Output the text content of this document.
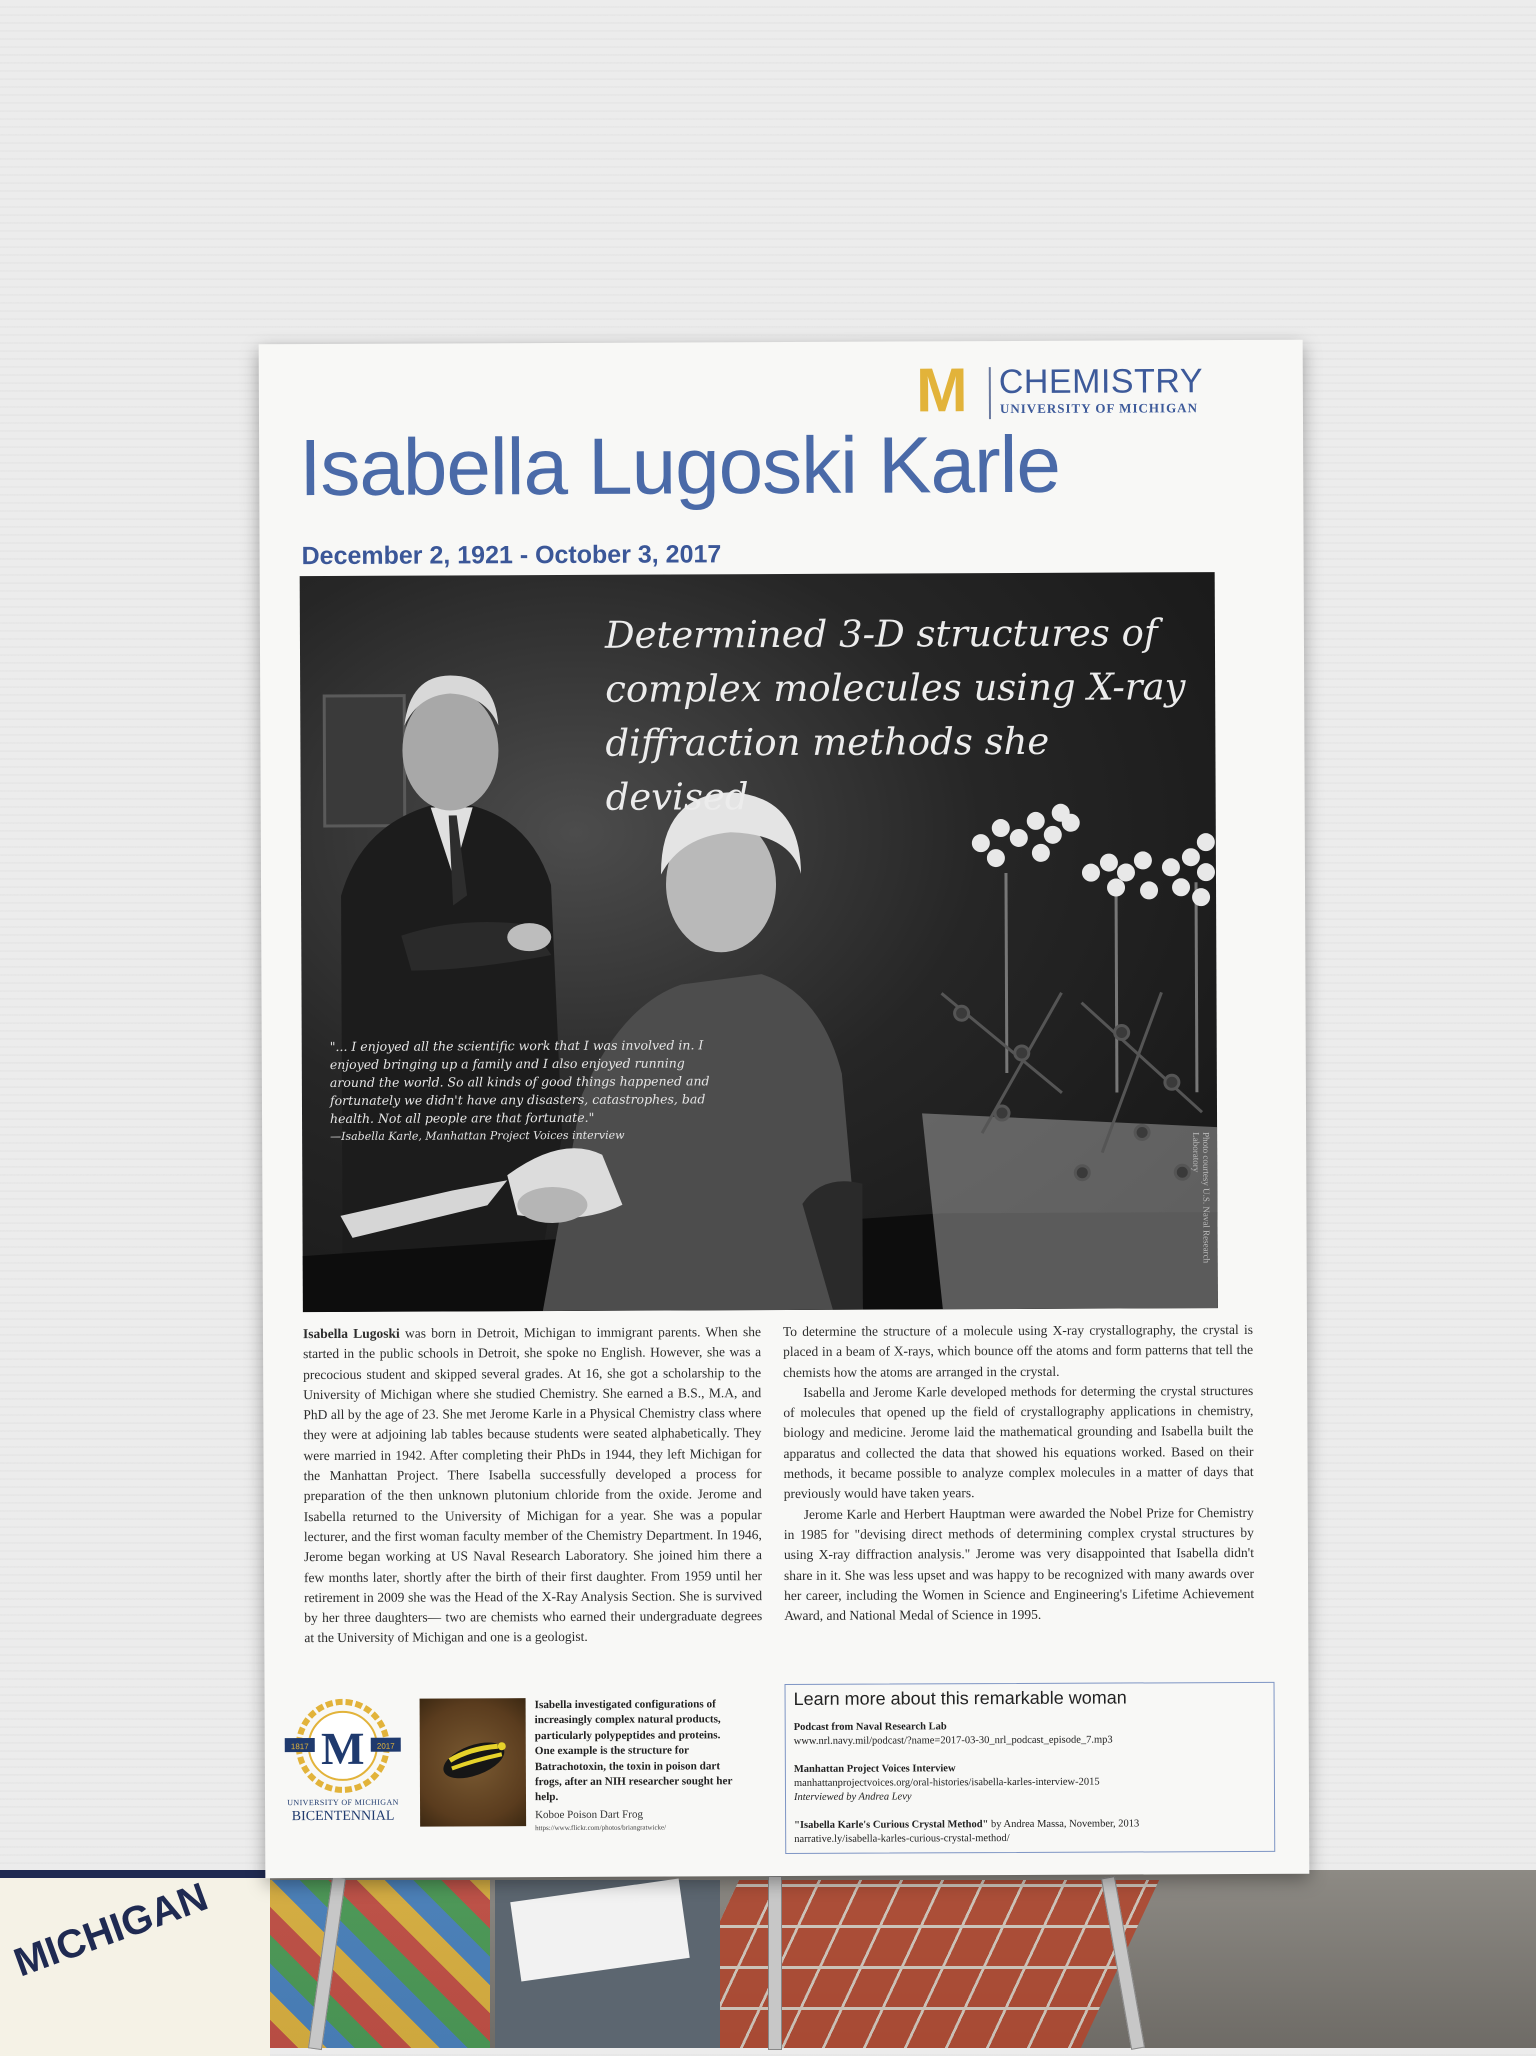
MICHIGAN
M CHEMISTRY
UNIVERSITY OF MICHIGAN
Isabella Lugoski Karle
December 2, 1921 - October 3, 2017
Determined 3-D structures of
complex molecules using X-ray
diffraction methods she devised
"... I enjoyed all the scientific work that I was involved in. I enjoyed bringing up a family and I also enjoyed running around the world. So all kinds of good things happened and fortunately we didn't have any disasters, catastrophes, bad health. Not all people are that fortunate."
—Isabella Karle, Manhattan Project Voices interview	Photo courtesy U.S. Naval Research Laboratory

Isabella Lugoski was born in Detroit, Michigan to immigrant parents. When she started in the public schools in Detroit, she spoke no English. However, she was a precocious student and skipped several grades. At 16, she got a scholarship to the University of Michigan where she studied Chemistry. She earned a B.S., M.A, and PhD all by the age of 23. She met Jerome Karle in a Physical Chemistry class where they were at adjoining lab tables because students were seated alphabetically. They were married in 1942. After completing their PhDs in 1944, they left Michigan for the Manhattan Project. There Isabella successfully developed a process for preparation of the then unknown plutonium chloride from the oxide. Jerome and Isabella returned to the University of Michigan for a year. She was a popular lecturer, and the first woman faculty member of the Chemistry Department. In 1946, Jerome began working at US Naval Research Laboratory. She joined him there a few months later, shortly after the birth of their first daughter. From 1959 until her retirement in 2009 she was the Head of the X-Ray Analysis Section. She is survived by her three daughters— two are chemists who earned their undergraduate degrees at the University of Michigan and one is a geologist.

To determine the structure of a molecule using X-ray crystallography, the crystal is placed in a beam of X-rays, which bounce off the atoms and form patterns that tell the chemists how the atoms are arranged in the crystal.

Isabella and Jerome Karle developed methods for determing the crystal structures of molecules that opened up the field of crystallography applications in chemistry, biology and medicine. Jerome laid the mathematical grounding and Isabella built the apparatus and collected the data that showed his equations worked. Based on their methods, it became possible to analyze complex molecules in a matter of days that previously would have taken years.

Jerome Karle and Herbert Hauptman were awarded the Nobel Prize for Chemistry in 1985 for "devising direct methods of determining complex crystal structures by using X-ray diffraction analysis." Jerome was very disappointed that Isabella didn't share in it. She was less upset and was happy to be recognized with many awards over her career, including the Women in Science and Engineering's Lifetime Achievement Award, and National Medal of Science in 1995.

1817	2017
M
UNIVERSITY OF MICHIGAN
BICENTENNIAL
Isabella investigated configurations of increasingly complex natural products, particularly polypeptides and proteins. One example is the structure for Batrachotoxin, the toxin in poison dart frogs, after an NIH researcher sought her help.
Koboe Poison Dart Frog
https://www.flickr.com/photos/briangratwicke/
Learn more about this remarkable woman
Podcast from Naval Research Lab
www.nrl.navy.mil/podcast/?name=2017-03-30_nrl_podcast_episode_7.mp3
Manhattan Project Voices Interview
manhattanprojectvoices.org/oral-histories/isabella-karles-interview-2015
Interviewed by Andrea Levy
"Isabella Karle's Curious Crystal Method" by Andrea Massa, November, 2013
narrative.ly/isabella-karles-curious-crystal-method/
